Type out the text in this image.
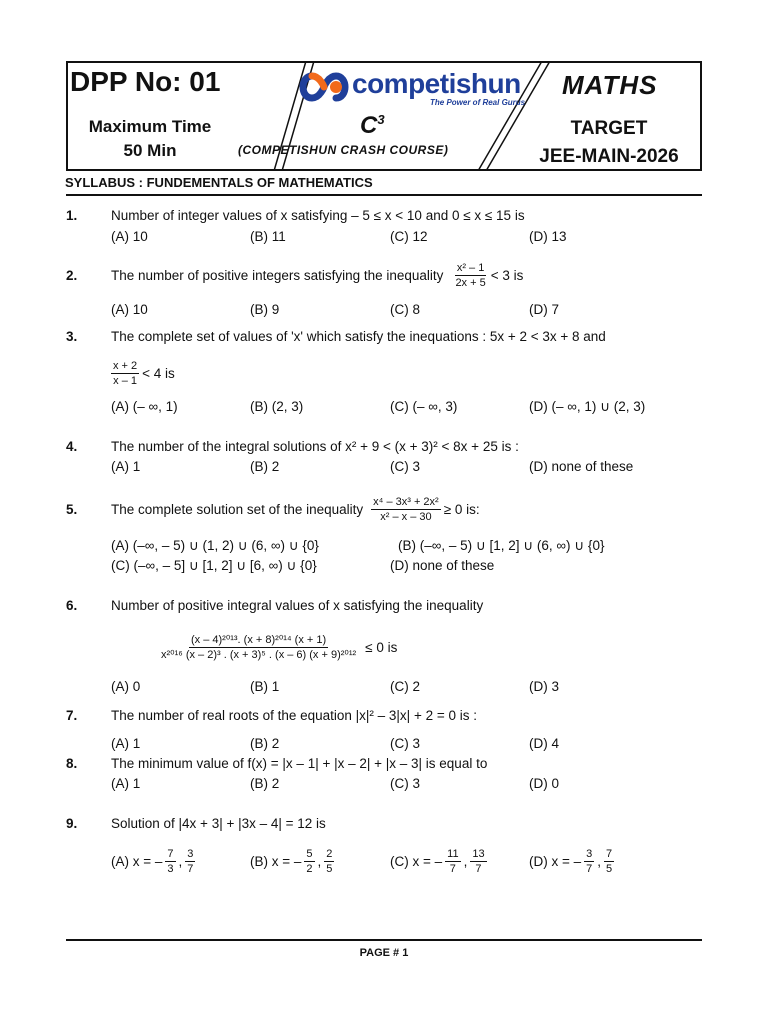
DPP No: 01
Maximum Time
50 Min
competishun
The Power of Real Gurus
$C^3$
(COMPETISHUN CRASH COURSE)
MATHS
TARGET
JEE-MAIN-2026
SYLLABUS : FUNDEMENTALS OF MATHEMATICS
1. Number of integer values of x satisfying – 5 ≤ x < 10 and 0 ≤ x ≤ 15 is
(A) 10	(B) 11	(C) 12	(D) 13
2. The number of positive integers satisfying the inequality $\frac{\text{x² – 1}}{2x + 5} < 3$ is
(A) 10	(B) 9	(C) 8	(D) 7
3. The complete set of values of 'x' which satisfy the inequations : 5x + 2 < 3x + 8 and
$\frac{x + 2}{x - 1} < 4$ is
(A) (– ∞, 1)	(B) (2, 3)	(C) (– ∞, 3)	(D) (– ∞, 1) ∪ (2, 3)
4. The number of the integral solutions of x² + 9 < (x + 3)² < 8x + 25 is :
(A) 1	(B) 2	(C) 3	(D) none of these
5. The complete solution set of the inequality $\frac{\text{x⁴ – 3x³ + 2x²}}{\text{x² – x – 30}} \ge 0$ is:
(A) (–∞, – 5) ∪ (1, 2) ∪ (6, ∞) ∪ {0}	(B) (–∞, – 5) ∪ [1, 2] ∪ (6, ∞) ∪ {0}
(C) (–∞, – 5] ∪ [1, 2] ∪ [6, ∞) ∪ {0}	(D) none of these
6. Number of positive integral values of x satisfying the inequality
$\frac{\text{(x – 4)²⁰¹³. (x + 8)²⁰¹⁴ (x + 1)}}{\text{x²⁰¹⁶ (x – 2)³ . (x + 3)⁵ . (x – 6) (x + 9)²⁰¹²}} \le 0$ is
(A) 0	(B) 1	(C) 2	(D) 3
7. The number of real roots of the equation |x|² – 3|x| + 2 = 0 is :
(A) 1	(B) 2	(C) 3	(D) 4
8. The minimum value of f(x) = |x – 1| + |x – 2| + |x – 3| is equal to
(A) 1	(B) 2	(C) 3	(D) 0
9. Solution of |4x + 3| + |3x – 4| = 12 is
(A) x = – $\frac{7}{3}$ , $\frac{3}{7}$	(B) x = – $\frac{5}{2}$ , $\frac{2}{5}$	(C) x = – $\frac{11}{7}$ , $\frac{13}{7}$	(D) x = – $\frac{3}{7}$ , $\frac{7}{5}$
PAGE # 1
